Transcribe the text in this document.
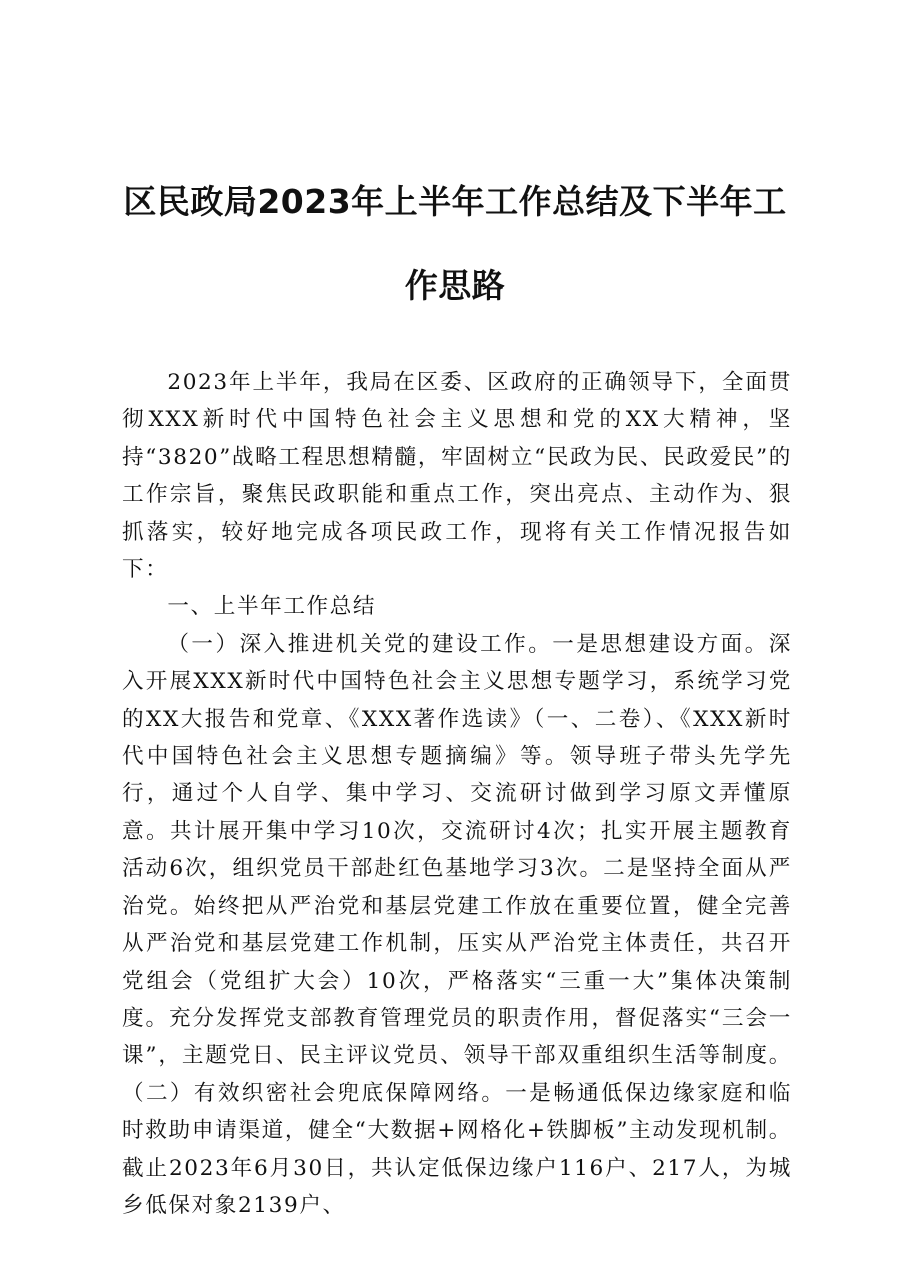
区民政局2023年上半年工作总结及下半年工
作思路

2023年上半年，我局在区委、区政府的正确领导下，全面贯彻XXX新时代中国特色社会主义思想和党的XX大精神，坚持“3820”战略工程思想精髓，牢固树立“民政为民、民政爱民”的工作宗旨，聚焦民政职能和重点工作，突出亮点、主动作为、狠抓落实，较好地完成各项民政工作，现将有关工作情况报告如下：

一、上半年工作总结

（一）深入推进机关党的建设工作。一是思想建设方面。深入开展XXX新时代中国特色社会主义思想专题学习，系统学习党的XX大报告和党章、《XXX著作选读》（一、二卷）、《XXX新时代中国特色社会主义思想专题摘编》等。领导班子带头先学先行，通过个人自学、集中学习、交流研讨做到学习原文弄懂原意。共计展开集中学习10次，交流研讨4次；扎实开展主题教育活动6次，组织党员干部赴红色基地学习3次。二是坚持全面从严治党。始终把从严治党和基层党建工作放在重要位置，健全完善从严治党和基层党建工作机制，压实从严治党主体责任，共召开党组会（党组扩大会）10次，严格落实“三重一大”集体决策制度。充分发挥党支部教育管理党员的职责作用，督促落实“三会一课”，主题党日、民主评议党员、领导干部双重组织生活等制度。（二）有效织密社会兜底保障网络。一是畅通低保边缘家庭和临时救助申请渠道，健全“大数据+网格化+铁脚板”主动发现机制。截止2023年6月30日，共认定低保边缘户116户、217人，为城乡低保对象2139户、
